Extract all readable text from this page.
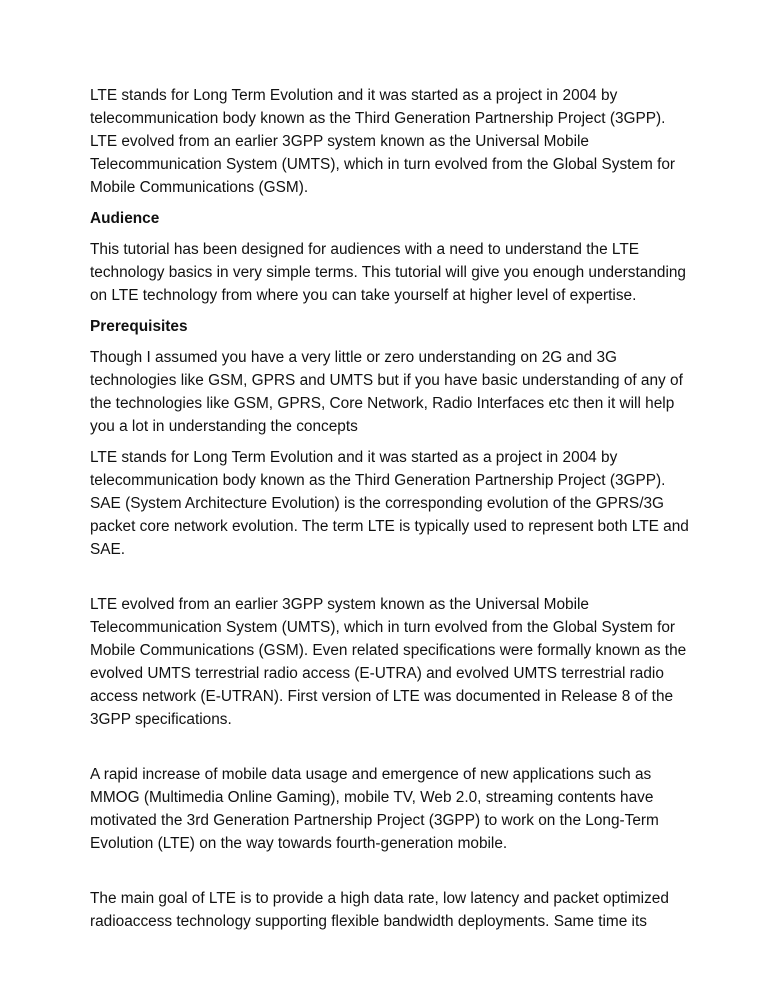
LTE stands for Long Term Evolution and it was started as a project in 2004 by telecommunication body known as the Third Generation Partnership Project (3GPP). LTE evolved from an earlier 3GPP system known as the Universal Mobile Telecommunication System (UMTS), which in turn evolved from the Global System for Mobile Communications (GSM).

Audience

This tutorial has been designed for audiences with a need to understand the LTE technology basics in very simple terms. This tutorial will give you enough understanding on LTE technology from where you can take yourself at higher level of expertise.

Prerequisites

Though I assumed you have a very little or zero understanding on 2G and 3G technologies like GSM, GPRS and UMTS but if you have basic understanding of any of the technologies like GSM, GPRS, Core Network, Radio Interfaces etc then it will help you a lot in understanding the concepts

LTE stands for Long Term Evolution and it was started as a project in 2004 by telecommunication body known as the Third Generation Partnership Project (3GPP). SAE (System Architecture Evolution) is the corresponding evolution of the GPRS/3G packet core network evolution. The term LTE is typically used to represent both LTE and SAE.

LTE evolved from an earlier 3GPP system known as the Universal Mobile Telecommunication System (UMTS), which in turn evolved from the Global System for Mobile Communications (GSM). Even related specifications were formally known as the evolved UMTS terrestrial radio access (E-UTRA) and evolved UMTS terrestrial radio access network (E-UTRAN). First version of LTE was documented in Release 8 of the 3GPP specifications.

A rapid increase of mobile data usage and emergence of new applications such as MMOG (Multimedia Online Gaming), mobile TV, Web 2.0, streaming contents have motivated the 3rd Generation Partnership Project (3GPP) to work on the Long-Term Evolution (LTE) on the way towards fourth-generation mobile.

The main goal of LTE is to provide a high data rate, low latency and packet optimized radioaccess technology supporting flexible bandwidth deployments. Same time its
